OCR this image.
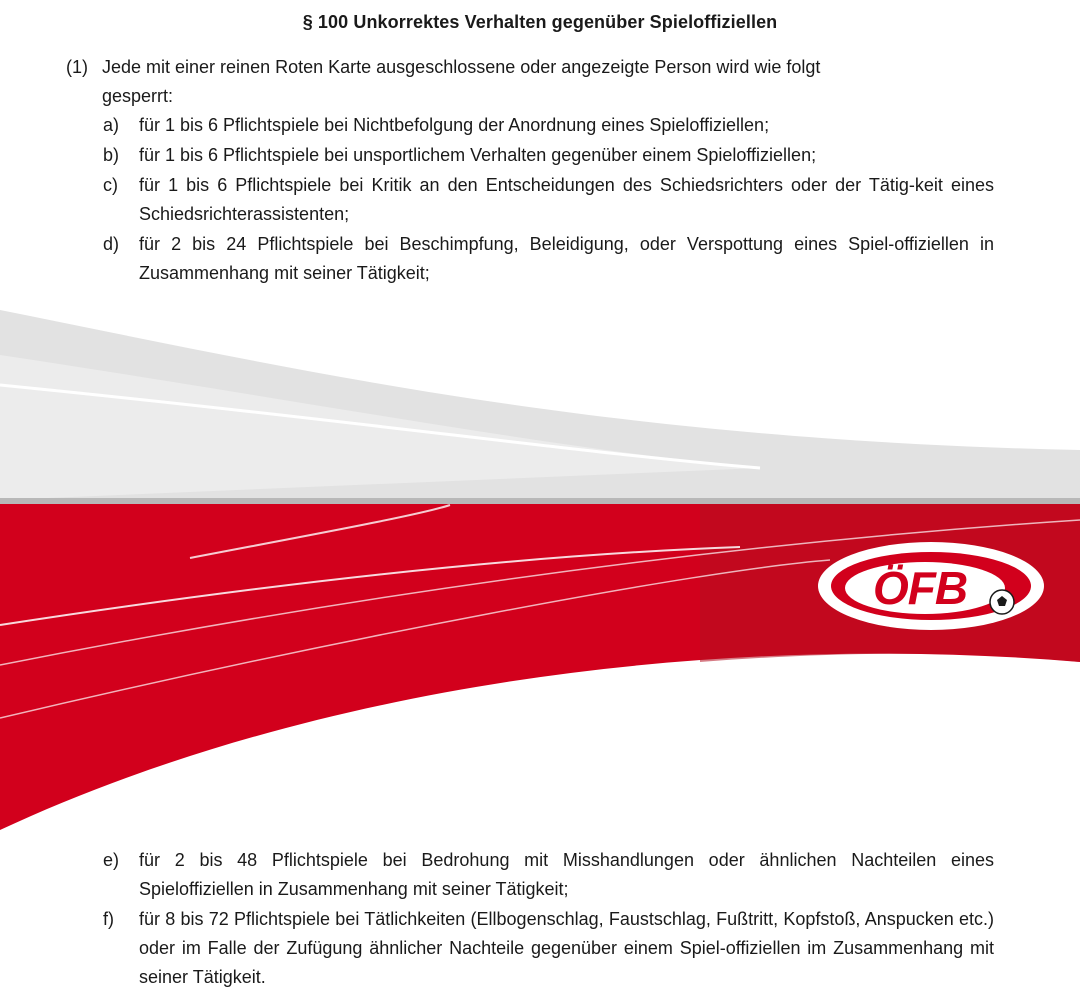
§ 100 Unkorrektes Verhalten gegenüber Spieloffiziellen
(1) Jede mit einer reinen Roten Karte ausgeschlossene oder angezeigte Person wird wie folgt
gesperrt:
a)	für 1 bis 6 Pflichtspiele bei Nichtbefolgung der Anordnung eines Spieloffiziellen;
b)	für 1 bis 6 Pflichtspiele bei unsportlichem Verhalten gegenüber einem Spieloffiziellen;
c)	für 1 bis 6 Pflichtspiele bei Kritik an den Entscheidungen des Schiedsrichters oder der Tätig-keit eines Schiedsrichterassistenten;
d)	für 2 bis 24 Pflichtspiele bei Beschimpfung, Beleidigung, oder Verspottung eines Spiel-offiziellen in Zusammenhang mit seiner Tätigkeit;
ÖFB
e)	für 2 bis 48 Pflichtspiele bei Bedrohung mit Misshandlungen oder ähnlichen Nachteilen eines Spieloffiziellen in Zusammenhang mit seiner Tätigkeit;
f)	für 8 bis 72 Pflichtspiele bei Tätlichkeiten (Ellbogenschlag, Faustschlag, Fußtritt, Kopfstoß, Anspucken etc.) oder im Falle der Zufügung ähnlicher Nachteile gegenüber einem Spiel-offiziellen im Zusammenhang mit seiner Tätigkeit.
